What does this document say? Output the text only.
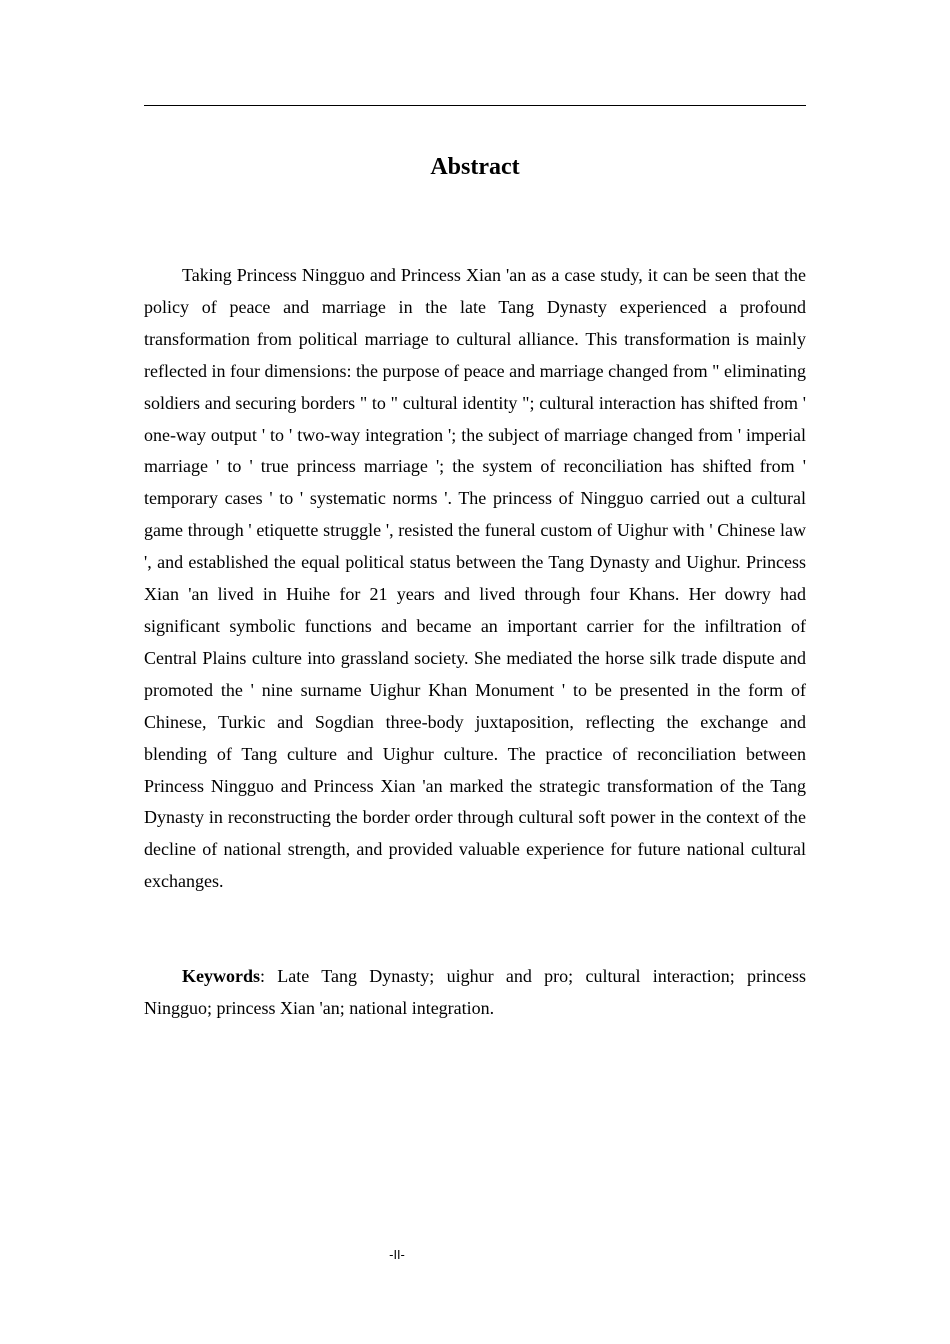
Abstract

Taking Princess Ningguo and Princess Xian 'an as a case study, it can be seen that the policy of peace and marriage in the late Tang Dynasty experienced a profound transformation from political marriage to cultural alliance. This transformation is mainly reflected in four dimensions: the purpose of peace and marriage changed from " eliminating soldiers and securing borders " to " cultural identity "; cultural interaction has shifted from ' one-way output ' to ' two-way integration '; the subject of marriage changed from ' imperial marriage ' to ' true princess marriage '; the system of reconciliation has shifted from ' temporary cases ' to ' systematic norms '. The princess of Ningguo carried out a cultural game through ' etiquette struggle ', resisted the funeral custom of Uighur with ' Chinese law ', and established the equal political status between the Tang Dynasty and Uighur. Princess Xian 'an lived in Huihe for 21 years and lived through four Khans. Her dowry had significant symbolic functions and became an important carrier for the infiltration of Central Plains culture into grassland society. She mediated the horse silk trade dispute and promoted the ' nine surname Uighur Khan Monument ' to be presented in the form of Chinese, Turkic and Sogdian three-body juxtaposition, reflecting the exchange and blending of Tang culture and Uighur culture. The practice of reconciliation between Princess Ningguo and Princess Xian 'an marked the strategic transformation of the Tang Dynasty in reconstructing the border order through cultural soft power in the context of the decline of national strength, and provided valuable experience for future national cultural exchanges.

Keywords: Late Tang Dynasty; uighur and pro; cultural interaction; princess Ningguo; princess Xian 'an; national integration.

-II-
